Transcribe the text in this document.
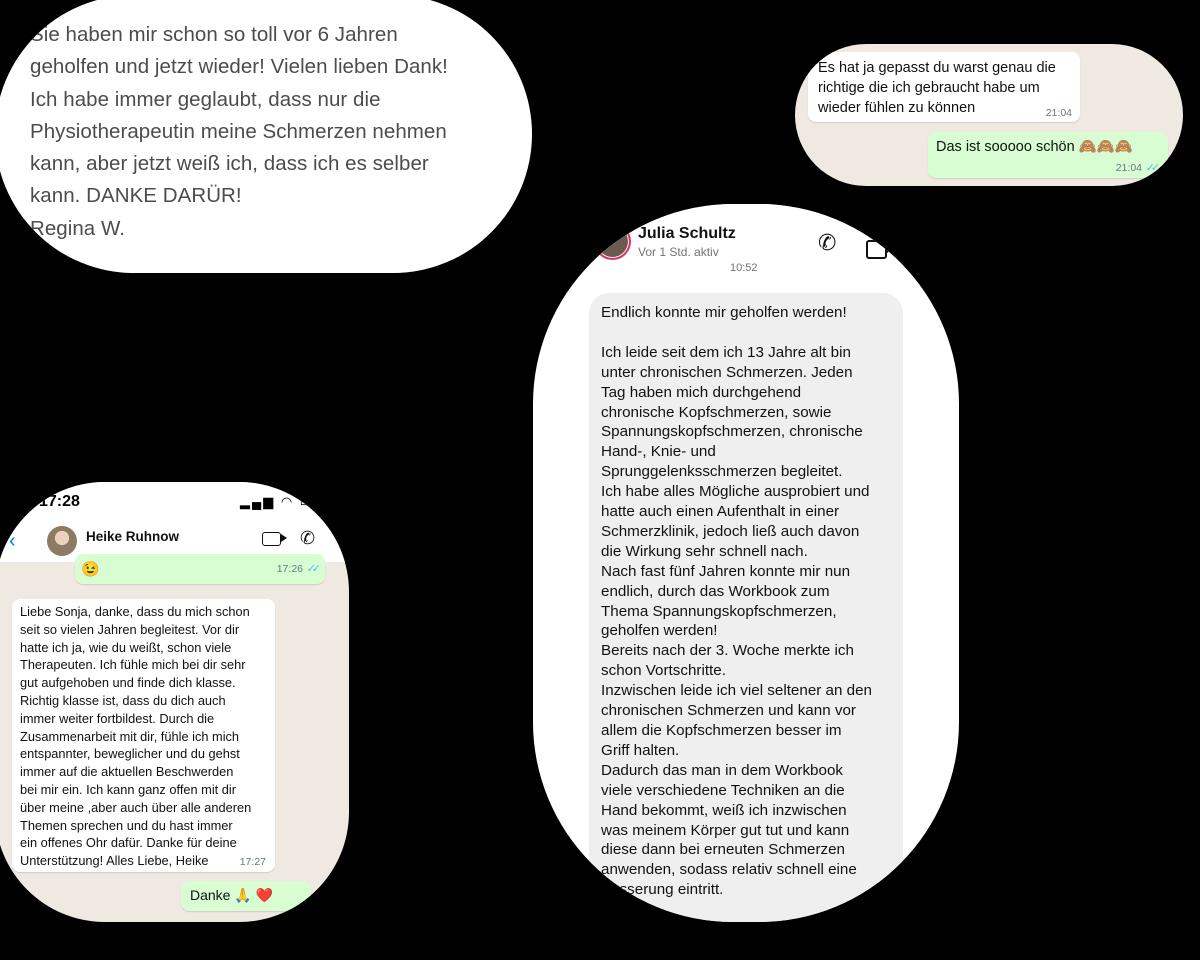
Sie haben mir schon so toll vor 6 Jahren
geholfen und jetzt wieder! Vielen lieben Dank!
Ich habe immer geglaubt, dass nur die
Physiotherapeutin meine Schmerzen nehmen
kann, aber jetzt weiß ich, dass ich es selber
kann. DANKE DARÜR!
Regina W.
Es hat ja gepasst du warst genau die richtige die ich gebraucht habe um wieder fühlen zu können	21:04
Das ist sooooo schön 🙈🙈🙈
21:04 ✓✓
17:28	▂▄▆ ◠ ▭
‹	Heike Ruhnow	✆
😉	17:26 ✓✓
Liebe Sonja, danke, dass du mich schon
seit so vielen Jahren begleitest. Vor dir
hatte ich ja, wie du weißt, schon viele
Therapeuten. Ich fühle mich bei dir sehr
gut aufgehoben und finde dich klasse.
Richtig klasse ist, dass du dich auch
immer weiter fortbildest. Durch die
Zusammenarbeit mit dir, fühle ich mich
entspannter, beweglicher und du gehst
immer auf die aktuellen Beschwerden
bei mir ein. Ich kann ganz offen mit dir
über meine ,aber auch über alle anderen
Themen sprechen und du hast immer
ein offenes Ohr dafür. Danke für deine
Unterstützung! Alles Liebe, Heike	17:27
Danke 🙏 ❤️
‹	Julia Schultz
Vor 1 Std. aktiv	✆
10:52
Endlich konnte mir geholfen werden!
Ich leide seit dem ich 13 Jahre alt bin
unter chronischen Schmerzen. Jeden
Tag haben mich durchgehend
chronische Kopfschmerzen, sowie
Spannungskopfschmerzen, chronische
Hand-, Knie- und
Sprunggelenksschmerzen begleitet.
Ich habe alles Mögliche ausprobiert und
hatte auch einen Aufenthalt in einer
Schmerzklinik, jedoch ließ auch davon
die Wirkung sehr schnell nach.
Nach fast fünf Jahren konnte mir nun
endlich, durch das Workbook zum
Thema Spannungskopfschmerzen,
geholfen werden!
Bereits nach der 3. Woche merkte ich
schon Vortschritte.
Inzwischen leide ich viel seltener an den
chronischen Schmerzen und kann vor
allem die Kopfschmerzen besser im
Griff halten.
Dadurch das man in dem Workbook
viele verschiedene Techniken an die
Hand bekommt, weiß ich inzwischen
was meinem Körper gut tut und kann
diese dann bei erneuten Schmerzen
anwenden, sodass relativ schnell eine
Besserung eintritt.
